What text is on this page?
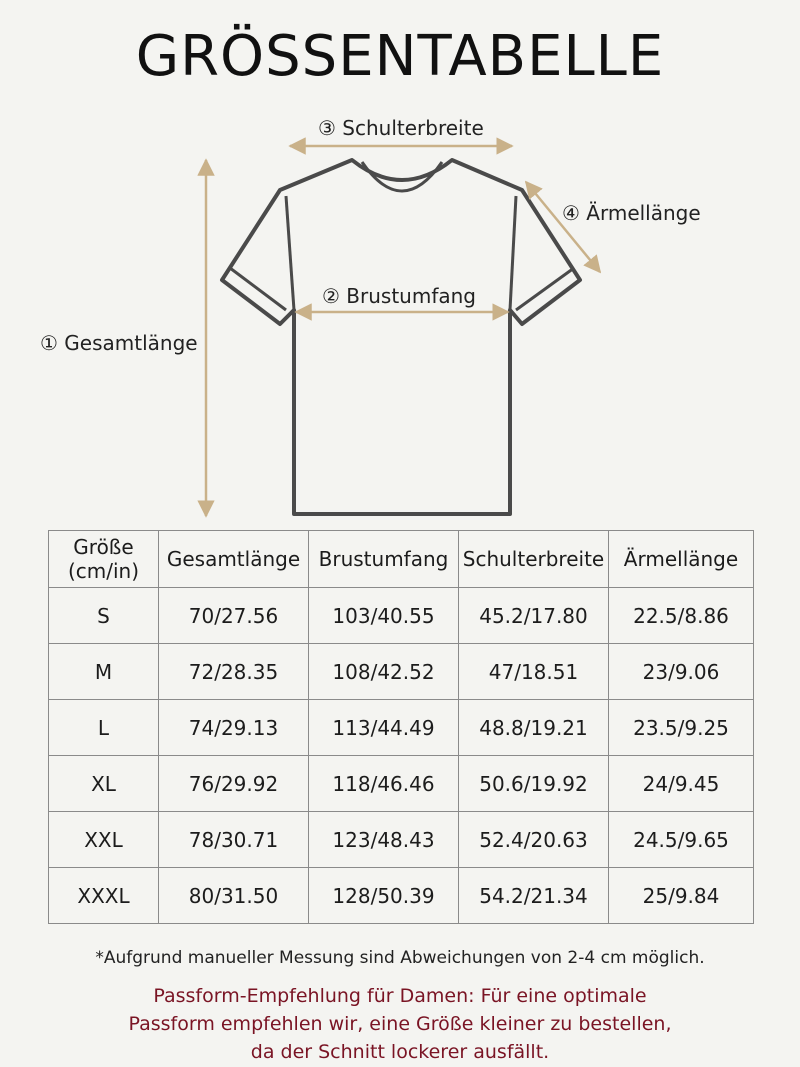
GRÖSSENTABELLE
③ Schulterbreite
④ Ärmellänge
② Brustumfang
① Gesamtlänge
Größe
(cm/in)	Gesamtlänge	Brustumfang	Schulterbreite	Ärmellänge
S	70/27.56	103/40.55	45.2/17.80	22.5/8.86
M	72/28.35	108/42.52	47/18.51	23/9.06
L	74/29.13	113/44.49	48.8/19.21	23.5/9.25
XL	76/29.92	118/46.46	50.6/19.92	24/9.45
XXL	78/30.71	123/48.43	52.4/20.63	24.5/9.65
XXXL	80/31.50	128/50.39	54.2/21.34	25/9.84
*Aufgrund manueller Messung sind Abweichungen von 2-4 cm möglich.
Passform-Empfehlung für Damen: Für eine optimale
Passform empfehlen wir, eine Größe kleiner zu bestellen,
da der Schnitt lockerer ausfällt.
